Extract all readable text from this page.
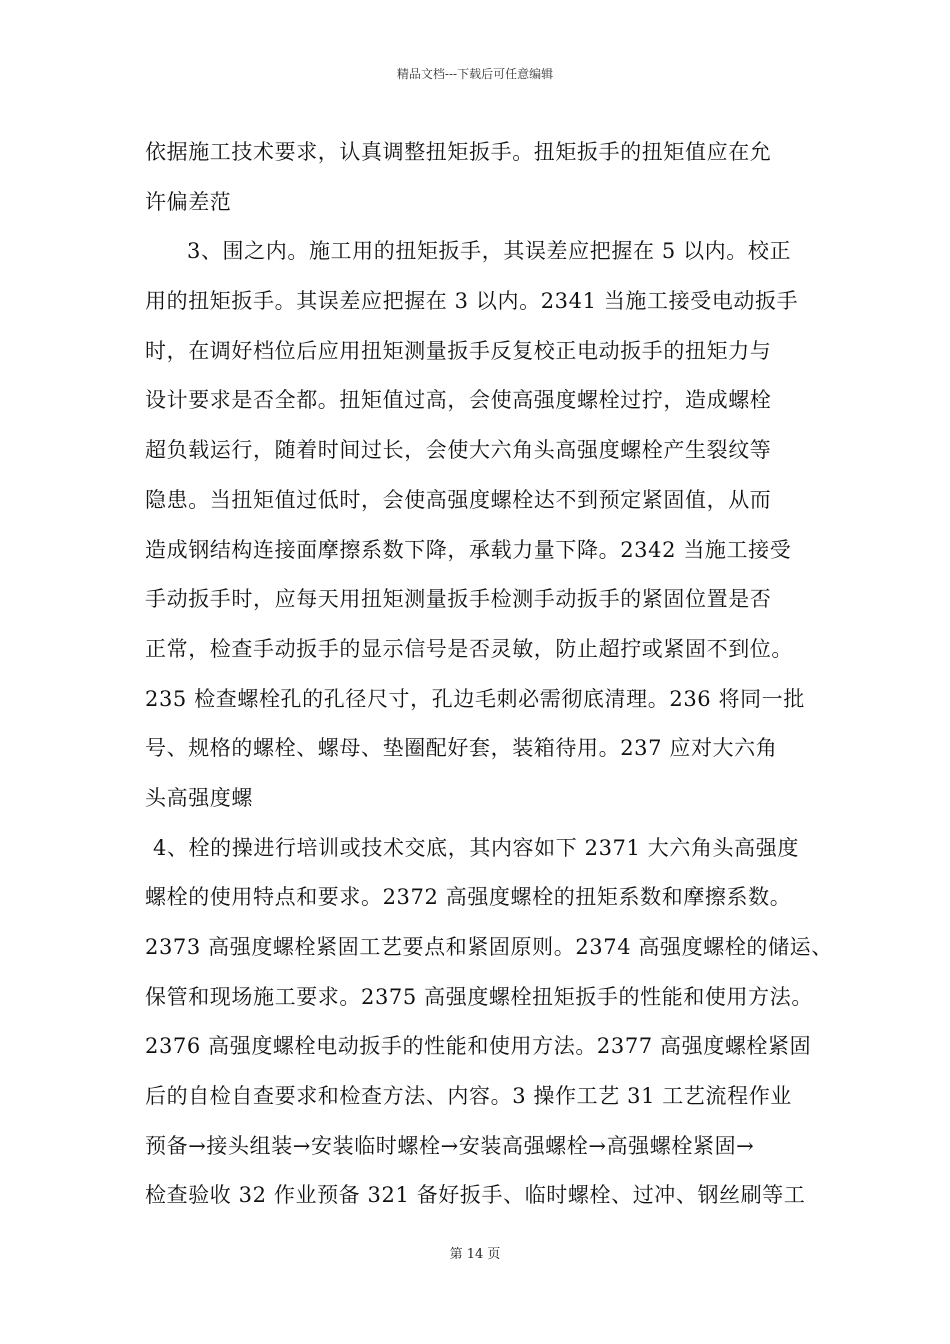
精品文档---下载后可任意编辑
依据施工技术要求，认真调整扭矩扳手。扭矩扳手的扭矩值应在允
许偏差范
3、围之内。施工用的扭矩扳手，其误差应把握在 5 以内。校正
用的扭矩扳手。其误差应把握在 3 以内。2341 当施工接受电动扳手
时，在调好档位后应用扭矩测量扳手反复校正电动扳手的扭矩力与
设计要求是否全都。扭矩值过高，会使高强度螺栓过拧，造成螺栓
超负载运行，随着时间过长，会使大六角头高强度螺栓产生裂纹等
隐患。当扭矩值过低时，会使高强度螺栓达不到预定紧固值，从而
造成钢结构连接面摩擦系数下降，承载力量下降。2342 当施工接受
手动扳手时，应每天用扭矩测量扳手检测手动扳手的紧固位置是否
正常，检查手动扳手的显示信号是否灵敏，防止超拧或紧固不到位。
235 检查螺栓孔的孔径尺寸，孔边毛刺必需彻底清理。236 将同一批
号、规格的螺栓、螺母、垫圈配好套，装箱待用。237 应对大六角
头高强度螺
4、栓的操进行培训或技术交底，其内容如下 2371 大六角头高强度
螺栓的使用特点和要求。2372 高强度螺栓的扭矩系数和摩擦系数。
2373 高强度螺栓紧固工艺要点和紧固原则。2374 高强度螺栓的储运、
保管和现场施工要求。2375 高强度螺栓扭矩扳手的性能和使用方法。
2376 高强度螺栓电动扳手的性能和使用方法。2377 高强度螺栓紧固
后的自检自查要求和检查方法、内容。3 操作工艺 31 工艺流程作业
预备→接头组装→安装临时螺栓→安装高强螺栓→高强螺栓紧固→
检查验收 32 作业预备 321 备好扳手、临时螺栓、过冲、钢丝刷等工
第 14 页
